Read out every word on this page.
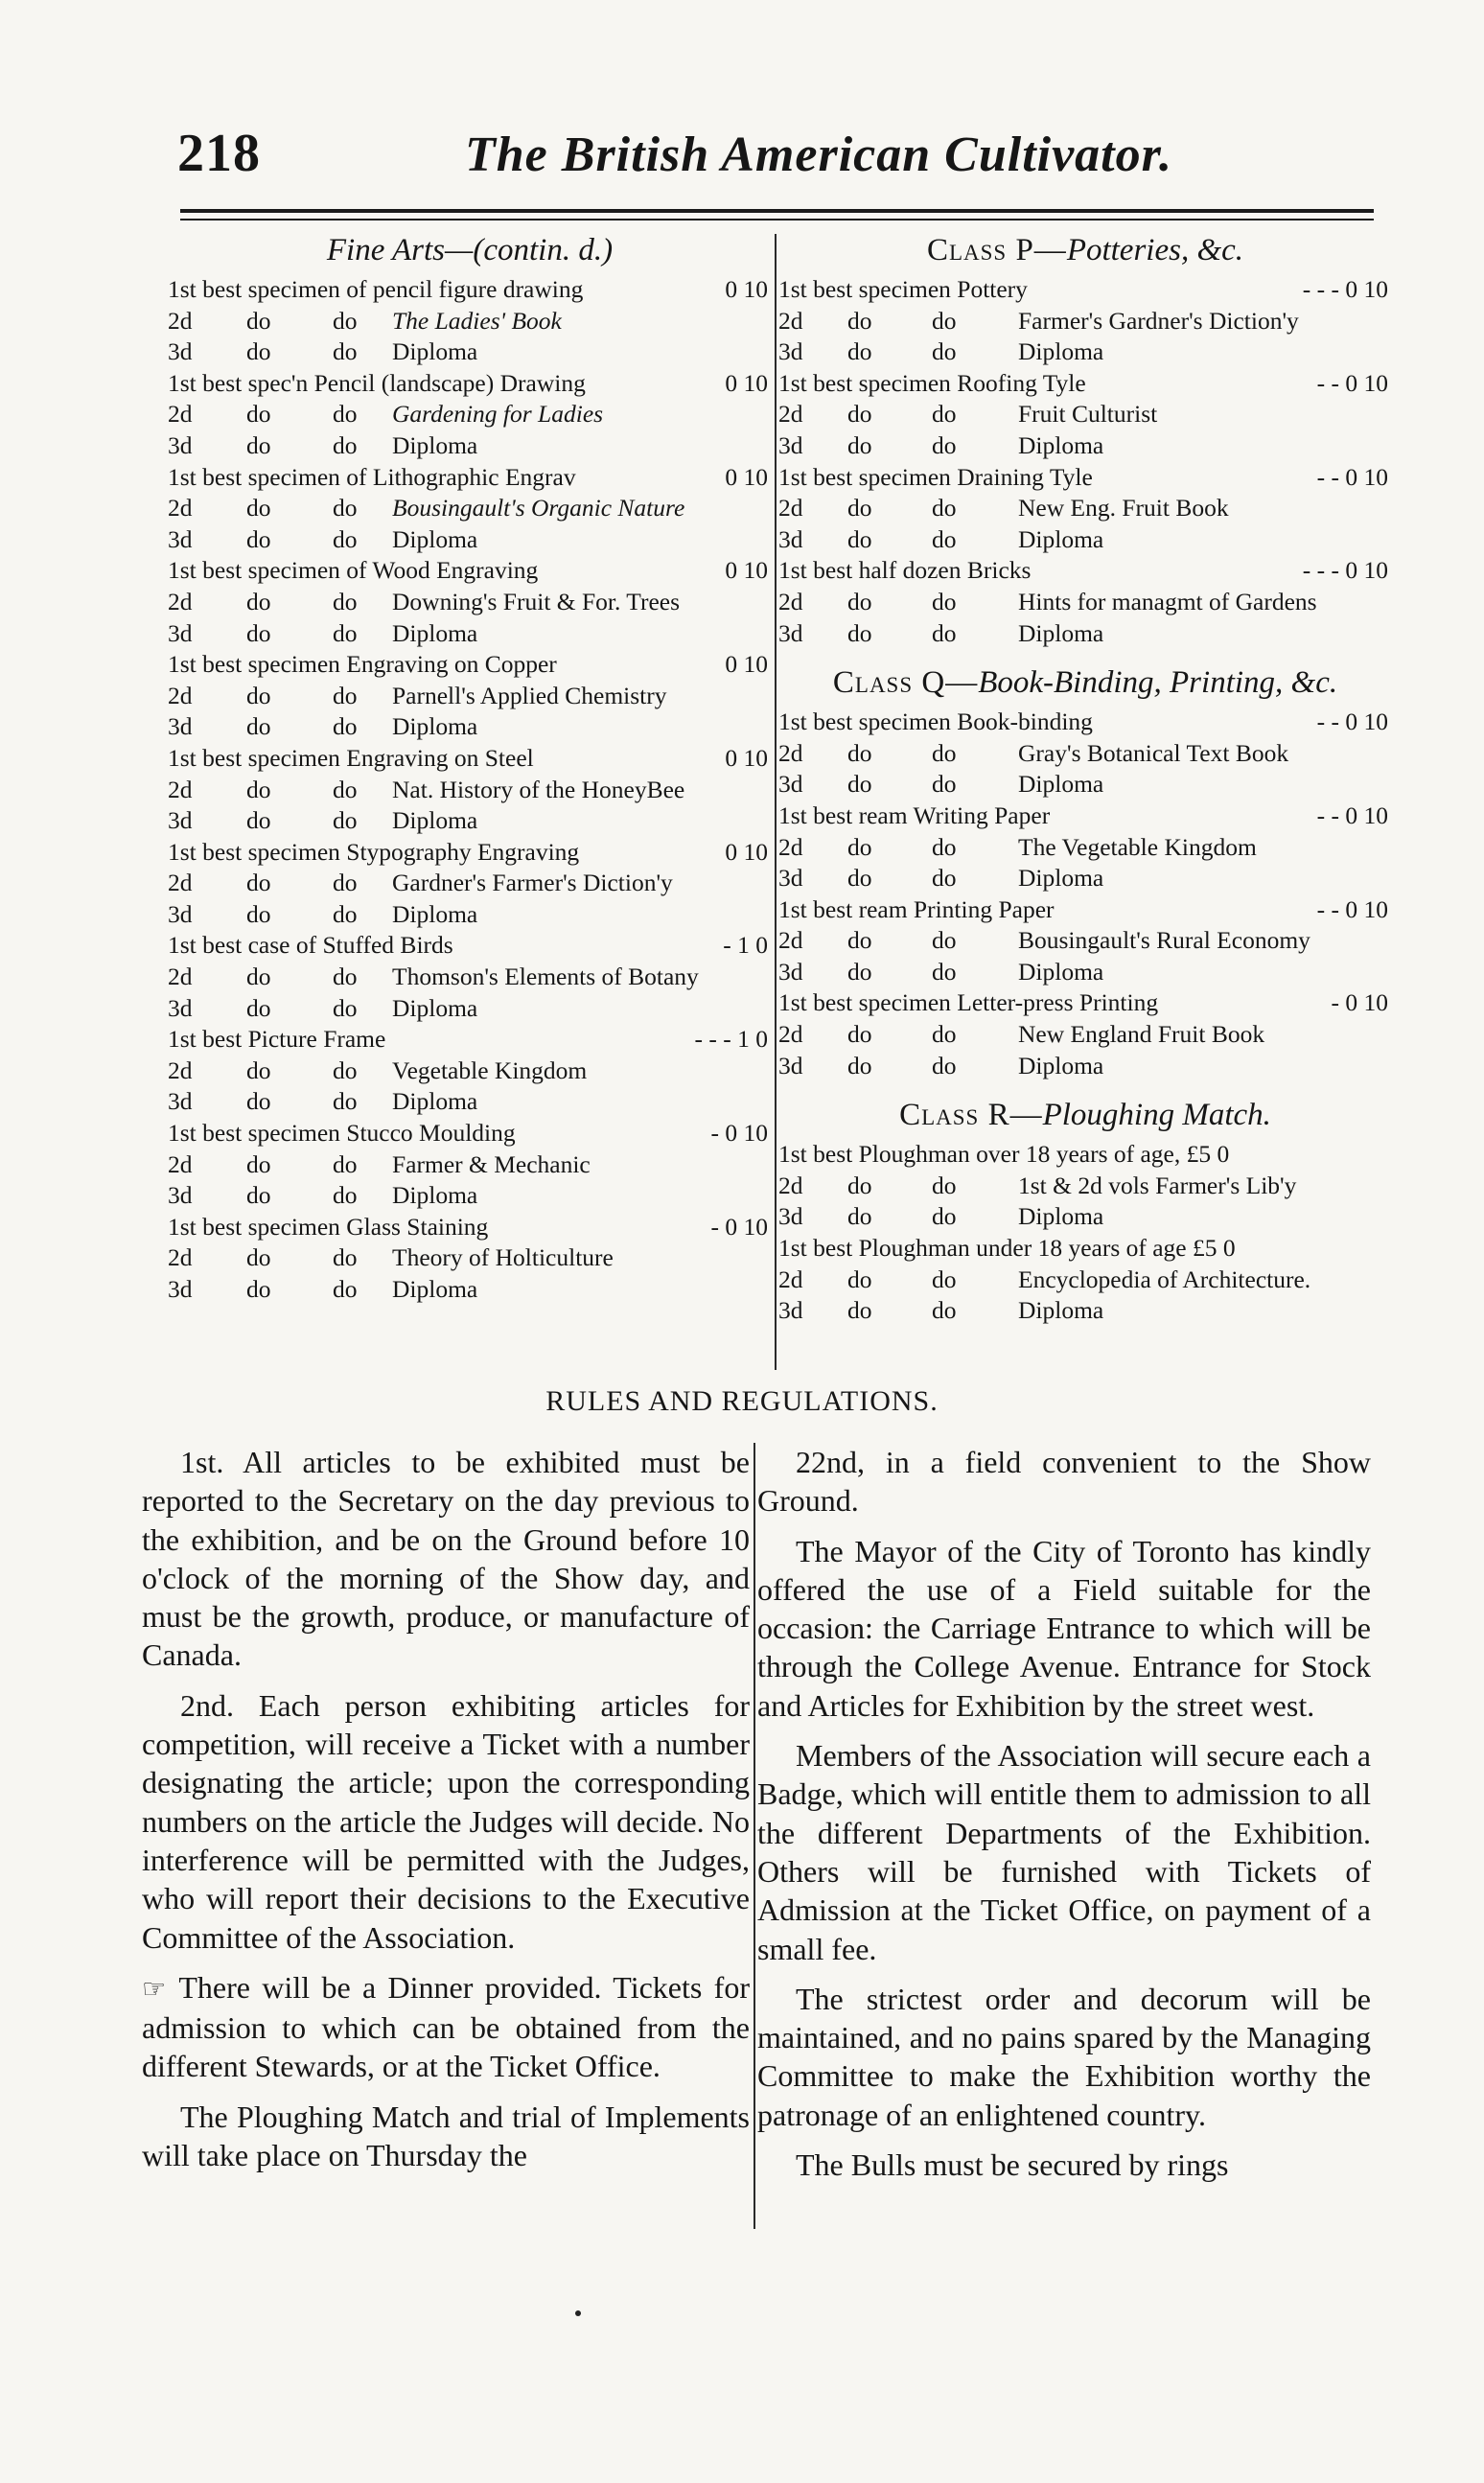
218	The British American Cultivator.
Fine Arts—(contin. d.)
1st best specimen of pencil figure drawing	0 10
2d do	do The Ladies' Book
3d do	do Diploma
1st best spec'n Pencil (landscape) Drawing	0 10
2d do	do Gardening for Ladies
3d do	do Diploma
1st best specimen of Lithographic Engrav	0 10
2d do	do Bousingault's Organic Nature
3d do	do Diploma
1st best specimen of Wood Engraving	0 10
2d do	do Downing's Fruit & For. Trees
3d do	do Diploma
1st best specimen Engraving on Copper	0 10
2d do	do Parnell's Applied Chemistry
3d do	do Diploma
1st best specimen Engraving on Steel	0 10
2d do	do Nat. History of the HoneyBee
3d do	do Diploma
1st best specimen Stypography Engraving	0 10
2d do	do Gardner's Farmer's Diction'y
3d do	do Diploma
1st best case of Stuffed Birds	- 1 0
2d do	do Thomson's Elements of Botany
3d do	do Diploma
1st best Picture Frame	- - - 1 0
2d do	do Vegetable Kingdom
3d do	do Diploma
1st best specimen Stucco Moulding	- 0 10
2d do	do Farmer & Mechanic
3d do	do Diploma
1st best specimen Glass Staining	- 0 10
2d do	do Theory of Holticulture
3d do	do Diploma
Class P—Potteries, &c.
1st best specimen Pottery	- - - 0 10
2d do do	Farmer's Gardner's Diction'y
3d do do	Diploma
1st best specimen Roofing Tyle	- - 0 10
2d do do	Fruit Culturist
3d do do	Diploma
1st best specimen Draining Tyle	- - 0 10
2d do do	New Eng. Fruit Book
3d do do	Diploma
1st best half dozen Bricks	- - - 0 10
2d do do	Hints for managmt of Gardens
3d do do	Diploma
Class Q—Book-Binding, Printing, &c.
1st best specimen Book-binding	- - 0 10
2d do do	Gray's Botanical Text Book
3d do do	Diploma
1st best ream Writing Paper	- - 0 10
2d do do	The Vegetable Kingdom
3d do do	Diploma
1st best ream Printing Paper	- - 0 10
2d do do	Bousingault's Rural Economy
3d do do	Diploma
1st best specimen Letter-press Printing	- 0 10
2d do do	New England Fruit Book
3d do do	Diploma
Class R—Ploughing Match.
1st best Ploughman over 18 years of age, £5 0
2d do do	1st & 2d vols Farmer's Lib'y
3d do do	Diploma
1st best Ploughman under 18 years of age £5 0
2d do do	Encyclopedia of Architecture.
3d do do	Diploma
RULES AND REGULATIONS.

1st. All articles to be exhibited must be reported to the Secretary on the day previous to the exhibition, and be on the Ground before 10 o'clock of the morning of the Show day, and must be the growth, produce, or manufacture of Canada.

2nd. Each person exhibiting articles for competition, will receive a Ticket with a number designating the article; upon the corresponding numbers on the article the Judges will decide. No interference will be permitted with the Judges, who will report their decisions to the Executive Committee of the Association.

☞ There will be a Dinner provided. Tickets for admission to which can be obtained from the different Stewards, or at the Ticket Office.

The Ploughing Match and trial of Implements will take place on Thursday the

22nd, in a field convenient to the Show Ground.

The Mayor of the City of Toronto has kindly offered the use of a Field suitable for the occasion: the Carriage Entrance to which will be through the College Avenue. Entrance for Stock and Articles for Exhibition by the street west.

Members of the Association will secure each a Badge, which will entitle them to admission to all the different Departments of the Exhibition. Others will be furnished with Tickets of Admission at the Ticket Office, on payment of a small fee.

The strictest order and decorum will be maintained, and no pains spared by the Managing Committee to make the Exhibition worthy the patronage of an enlightened country.

The Bulls must be secured by rings
